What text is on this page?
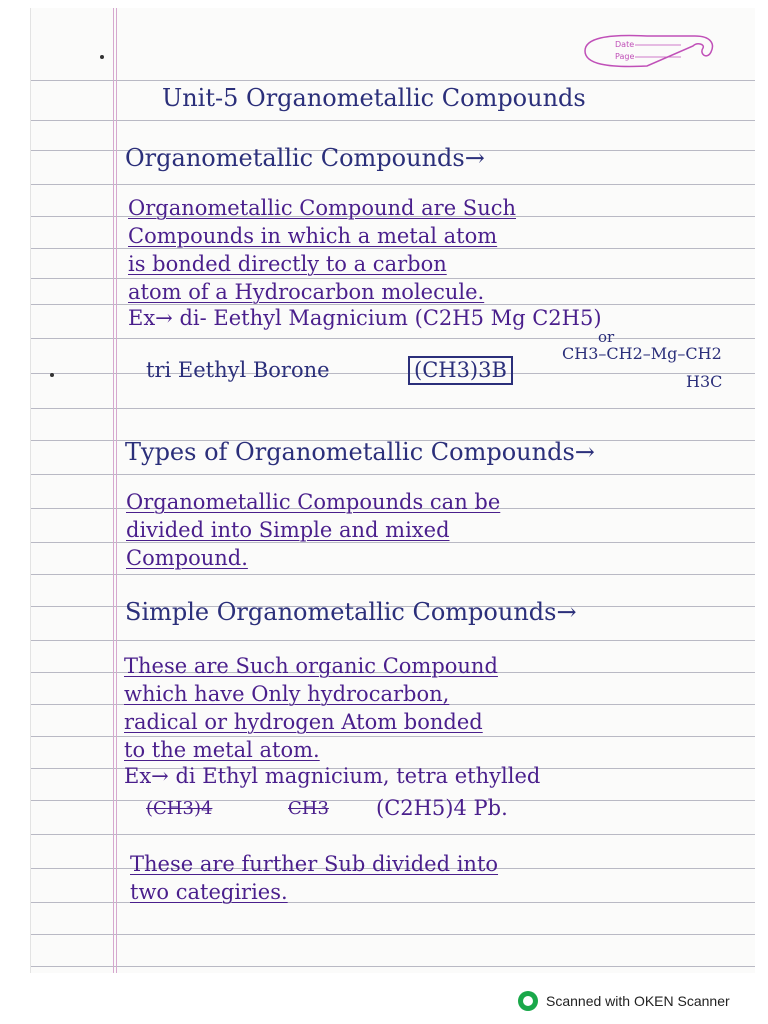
Date
Page
Unit-5 Organometallic Compounds
Organometallic Compounds→
Organometallic Compound are Such
Compounds in which a metal atom
is bonded directly to a carbon
atom of a Hydrocarbon molecule.
Ex→ di- Eethyl Magnicium (C2H5 Mg C2H5)
or
CH3–CH2–Mg–CH2
H3C
tri Eethyl Borone	(CH3)3B
Types of Organometallic Compounds→
Organometallic Compounds can be
divided into Simple and mixed
Compound.
Simple Organometallic Compounds→
These are Such organic Compound
which have Only hydrocarbon,
radical or hydrogen Atom bonded
to the metal atom.
Ex→ di Ethyl magnicium, tetra ethylled
(CH3)4	CH3 (C2H5)4 Pb.
These are further Sub divided into
two categiries.
Scanned with OKEN Scanner
